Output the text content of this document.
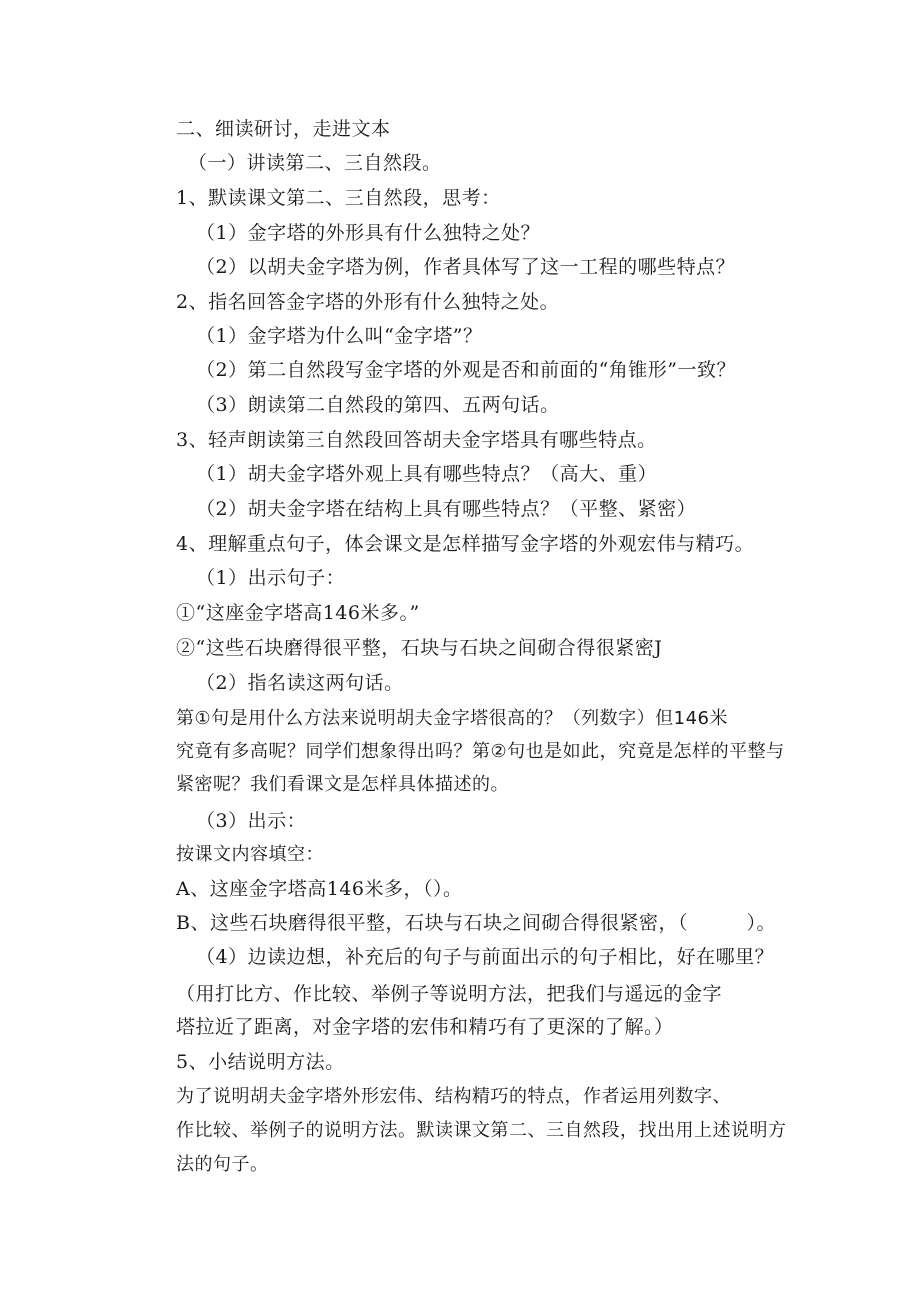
二、细读研讨，走进文本
（一）讲读第二、三自然段。
1、默读课文第二、三自然段，思考：
（1）金字塔的外形具有什么独特之处？
（2）以胡夫金字塔为例，作者具体写了这一工程的哪些特点？
2、指名回答金字塔的外形有什么独特之处。
（1）金字塔为什么叫“金字塔”？
（2）第二自然段写金字塔的外观是否和前面的“角锥形”一致？
（3）朗读第二自然段的第四、五两句话。
3、轻声朗读第三自然段回答胡夫金字塔具有哪些特点。
（1）胡夫金字塔外观上具有哪些特点？（高大、重）
（2）胡夫金字塔在结构上具有哪些特点？（平整、紧密）
4、理解重点句子，体会课文是怎样描写金字塔的外观宏伟与精巧。
（1）出示句子：
①“这座金字塔高146米多。”
②“这些石块磨得很平整，石块与石块之间砌合得很紧密J
（2）指名读这两句话。
第①句是用什么方法来说明胡夫金字塔很高的？（列数字）但146米
究竟有多高呢？同学们想象得出吗？第②句也是如此，究竟是怎样的平整与
紧密呢？我们看课文是怎样具体描述的。
（3）出示：
按课文内容填空：
A、这座金字塔高146米多，（）。
B、这些石块磨得很平整，石块与石块之间砌合得很紧密，（　　　）。
（4）边读边想，补充后的句子与前面出示的句子相比，好在哪里？
（用打比方、作比较、举例子等说明方法，把我们与遥远的金字
塔拉近了距离，对金字塔的宏伟和精巧有了更深的了解。）
5、小结说明方法。
为了说明胡夫金字塔外形宏伟、结构精巧的特点，作者运用列数字、
作比较、举例子的说明方法。默读课文第二、三自然段，找出用上述说明方
法的句子。
